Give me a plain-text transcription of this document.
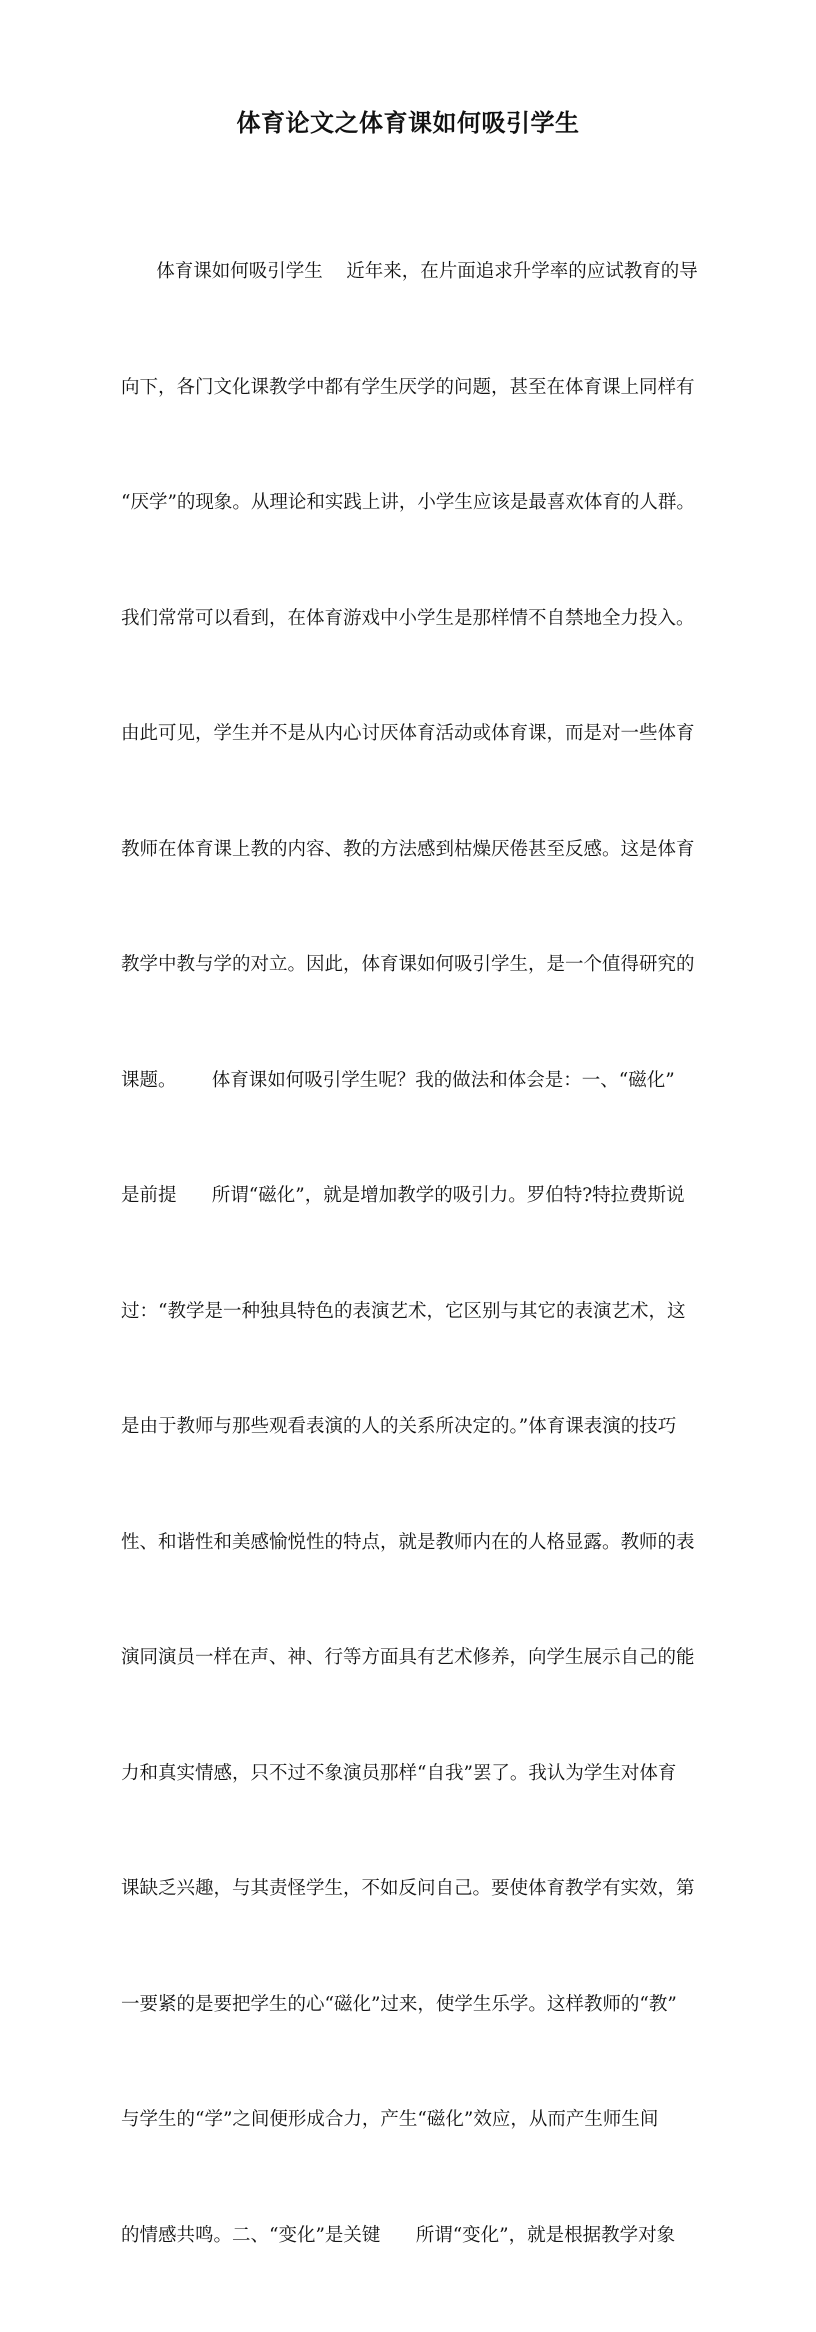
体育论文之体育课如何吸引学生

体育课如何吸引学生    近年来，在片面追求升学率的应试教育的导

向下，各门文化课教学中都有学生厌学的问题，甚至在体育课上同样有

“厌学”的现象。从理论和实践上讲，小学生应该是最喜欢体育的人群。

我们常常可以看到，在体育游戏中小学生是那样情不自禁地全力投入。

由此可见，学生并不是从内心讨厌体育活动或体育课，而是对一些体育

教师在体育课上教的内容、教的方法感到枯燥厌倦甚至反感。这是体育

教学中教与学的对立。因此，体育课如何吸引学生，是一个值得研究的

课题。      体育课如何吸引学生呢？我的做法和体会是：一、“磁化”

是前提      所谓“磁化”，就是增加教学的吸引力。罗伯特?特拉费斯说

过：“教学是一种独具特色的表演艺术，它区别与其它的表演艺术，这

是由于教师与那些观看表演的人的关系所决定的。”体育课表演的技巧

性、和谐性和美感愉悦性的特点，就是教师内在的人格显露。教师的表

演同演员一样在声、神、行等方面具有艺术修养，向学生展示自己的能

力和真实情感，只不过不象演员那样“自我”罢了。我认为学生对体育

课缺乏兴趣，与其责怪学生，不如反问自己。要使体育教学有实效，第

一要紧的是要把学生的心“磁化”过来，使学生乐学。这样教师的“教”

与学生的“学”之间便形成合力，产生“磁化”效应，从而产生师生间

的情感共鸣。二、“变化”是关键      所谓“变化”，就是根据教学对象
